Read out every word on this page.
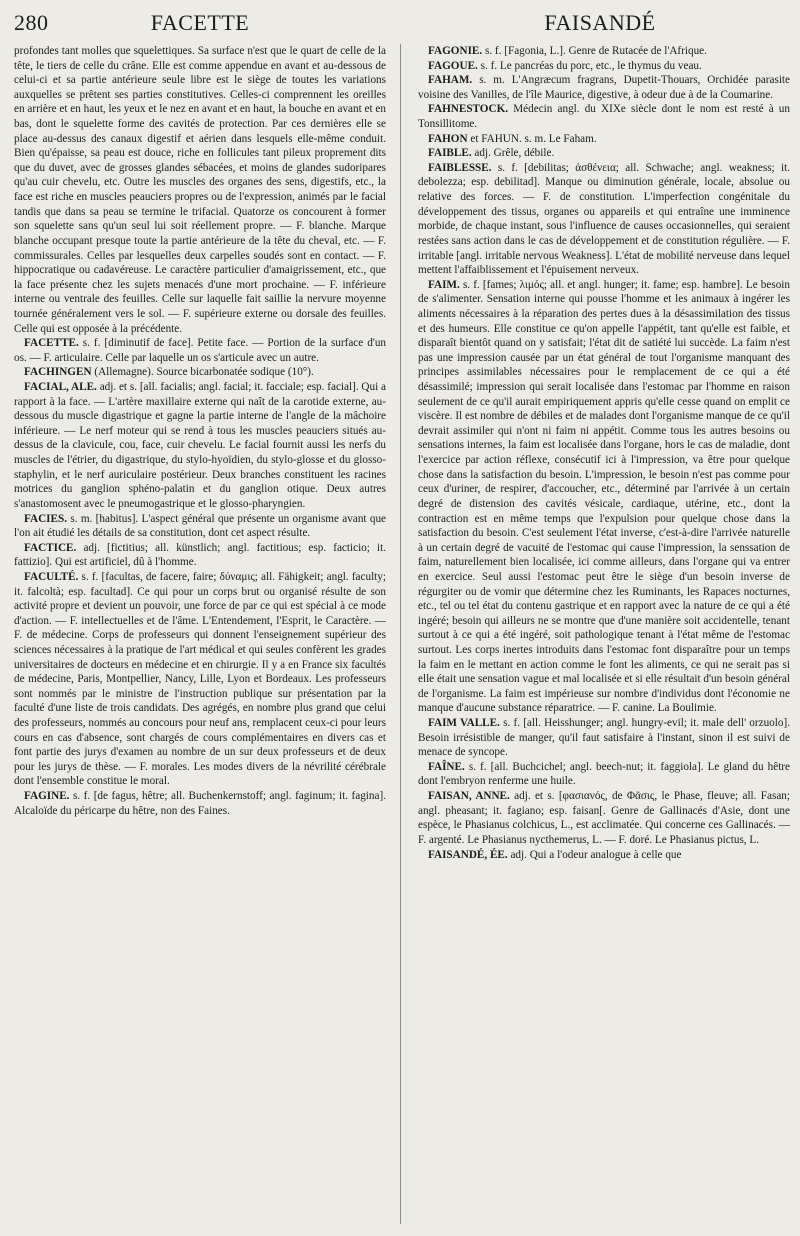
280	FACETTE	FAISANDÉ

profondes tant molles que squelettiques. Sa surface n'est que le quart de celle de la tête, le tiers de celle du crâne. Elle est comme appendue en avant et au-dessous de celui-ci et sa partie antérieure seule libre est le siège de toutes les variations auxquelles se prêtent ses parties constitutives. Celles-ci comprennent les oreilles en arrière et en haut, les yeux et le nez en avant et en haut, la bouche en avant et en bas, dont le squelette forme des cavités de protection. Par ces dernières elle se place au-dessus des canaux digestif et aérien dans lesquels elle-même conduit. Bien qu'épaisse, sa peau est douce, riche en follicules tant pileux proprement dits que du duvet, avec de grosses glandes sébacées, et moins de glandes sudoripares qu'au cuir chevelu, etc. Outre les muscles des organes des sens, digestifs, etc., la face est riche en muscles peauciers propres ou de l'expression, animés par le facial tandis que dans sa peau se termine le trifacial. Quatorze os concourent à former son squelette sans qu'un seul lui soit réellement propre. — F. blanche. Marque blanche occupant presque toute la partie antérieure de la tête du cheval, etc. — F. commissurales. Celles par lesquelles deux carpelles soudés sont en contact. — F. hippocratique ou cadavéreuse. Le caractère particulier d'amaigrissement, etc., que la face présente chez les sujets menacés d'une mort prochaine. — F. inférieure interne ou ventrale des feuilles. Celle sur laquelle fait saillie la nervure moyenne tournée généralement vers le sol. — F. supérieure externe ou dorsale des feuilles. Celle qui est opposée à la précédente.

FACETTE. s. f. [diminutif de face]. Petite face. — Portion de la surface d'un os. — F. articulaire. Celle par laquelle un os s'articule avec un autre.

FACHINGEN (Allemagne). Source bicarbonatée sodique (10°).

FACIAL, ALE. adj. et s. [all. facialis; angl. facial; it. facciale; esp. facial]. Qui a rapport à la face. — L'artère maxillaire externe qui naît de la carotide externe, au-dessous du muscle digastrique et gagne la partie interne de l'angle de la mâchoire inférieure. — Le nerf moteur qui se rend à tous les muscles peauciers situés au-dessus de la clavicule, cou, face, cuir chevelu. Le facial fournit aussi les nerfs du muscles de l'étrier, du digastrique, du stylo-hyoïdien, du stylo-glosse et du glosso-staphylin, et le nerf auriculaire postérieur. Deux branches constituent les racines motrices du ganglion sphéno-palatin et du ganglion otique. Deux autres s'anastomosent avec le pneumogastrique et le glosso-pharyngien.

FACIES. s. m. [habitus]. L'aspect général que présente un organisme avant que l'on ait étudié les détails de sa constitution, dont cet aspect résulte.

FACTICE. adj. [fictitius; all. künstlich; angl. factitious; esp. facticio; it. fattizio]. Qui est artificiel, dû à l'homme.

FACULTÉ. s. f. [facultas, de facere, faire; δύναμις; all. Fähigkeit; angl. faculty; it. falcoltà; esp. facultad]. Ce qui pour un corps brut ou organisé résulte de son activité propre et devient un pouvoir, une force de par ce qui est spécial à ce mode d'action. — F. intellectuelles et de l'âme. L'Entendement, l'Esprit, le Caractère. — F. de médecine. Corps de professeurs qui donnent l'enseignement supérieur des sciences nécessaires à la pratique de l'art médical et qui seules confèrent les grades universitaires de docteurs en médecine et en chirurgie. Il y a en France six facultés de médecine, Paris, Montpellier, Nancy, Lille, Lyon et Bordeaux. Les professeurs sont nommés par le ministre de l'instruction publique sur présentation par la faculté d'une liste de trois candidats. Des agrégés, en nombre plus grand que celui des professeurs, nommés au concours pour neuf ans, remplacent ceux-ci pour leurs cours en cas d'absence, sont chargés de cours complémentaires en divers cas et font partie des jurys d'examen au nombre de un sur deux professeurs et de deux pour les jurys de thèse. — F. morales. Les modes divers de la névrilité cérébrale dont l'ensemble constitue le moral.

FAGINE. s. f. [de fagus, hêtre; all. Buchenkernstoff; angl. faginum; it. fagina]. Alcaloïde du péricarpe du hêtre, non des Faines.

FAGONIE. s. f. [Fagonia, L.]. Genre de Rutacée de l'Afrique.

FAGOUE. s. f. Le pancréas du porc, etc., le thymus du veau.

FAHAM. s. m. L'Angræcum fragrans, Dupetit-Thouars, Orchidée parasite voisine des Vanilles, de l'île Maurice, digestive, à odeur due à de la Coumarine.

FAHNESTOCK. Médecin angl. du XIXe siècle dont le nom est resté à un Tonsillitome.

FAHON et FAHUN. s. m. Le Faham.

FAIBLE. adj. Grêle, débile.

FAIBLESSE. s. f. [debilitas; ἀσθένεια; all. Schwache; angl. weakness; it. debolezza; esp. debilitad]. Manque ou diminution générale, locale, absolue ou relative des forces. — F. de constitution. L'imperfection congénitale du développement des tissus, organes ou appareils et qui entraîne une imminence morbide, de chaque instant, sous l'influence de causes occasionnelles, qui seraient restées sans action dans le cas de développement et de constitution régulière. — F. irritable [angl. irritable nervous Weakness]. L'état de mobilité nerveuse dans lequel mettent l'affaiblissement et l'épuisement nerveux.

FAIM. s. f. [fames; λιμός; all. et angl. hunger; it. fame; esp. hambre]. Le besoin de s'alimenter. Sensation interne qui pousse l'homme et les animaux à ingérer les aliments nécessaires à la réparation des pertes dues à la désassimilation des tissus et des humeurs. Elle constitue ce qu'on appelle l'appétit, tant qu'elle est faible, et disparaît bientôt quand on y satisfait; l'état dit de satiété lui succède. La faim n'est pas une impression causée par un état général de tout l'organisme manquant des principes assimilables nécessaires pour le remplacement de ce qui a été désassimilé; impression qui serait localisée dans l'estomac par l'homme en raison seulement de ce qu'il aurait empiriquement appris qu'elle cesse quand on emplit ce viscère. Il est nombre de débiles et de malades dont l'organisme manque de ce qu'il devrait assimiler qui n'ont ni faim ni appétit. Comme tous les autres besoins ou sensations internes, la faim est localisée dans l'organe, hors le cas de maladie, dont l'exercice par action réflexe, consécutif ici à l'impression, va être pour quelque chose dans la satisfaction du besoin. L'impression, le besoin n'est pas comme pour ceux d'uriner, de respirer, d'accoucher, etc., déterminé par l'arrivée à un certain degré de distension des cavités vésicale, cardiaque, utérine, etc., dont la contraction est en même temps que l'expulsion pour quelque chose dans la satisfaction du besoin. C'est seulement l'état inverse, c'est-à-dire l'arrivée naturelle à un certain degré de vacuité de l'estomac qui cause l'impression, la senssation de faim, naturellement bien localisée, ici comme ailleurs, dans l'organe qui va entrer en exercice. Seul aussi l'estomac peut être le siège d'un besoin inverse de régurgiter ou de vomir que détermine chez les Ruminants, les Rapaces nocturnes, etc., tel ou tel état du contenu gastrique et en rapport avec la nature de ce qui a été ingéré; besoin qui ailleurs ne se montre que d'une manière soit accidentelle, tenant surtout à ce qui a été ingéré, soit pathologique tenant à l'état même de l'estomac surtout. Les corps inertes introduits dans l'estomac font disparaître pour un temps la faim en le mettant en action comme le font les aliments, ce qui ne serait pas si elle était une sensation vague et mal localisée et si elle résultait d'un besoin général de l'organisme. La faim est impérieuse sur nombre d'individus dont l'économie ne manque d'aucune substance réparatrice. — F. canine. La Boulimie.

FAIM VALLE. s. f. [all. Heisshunger; angl. hungry-evil; it. male dell' orzuolo]. Besoin irrésistible de manger, qu'il faut satisfaire à l'instant, sinon il est suivi de menace de syncope.

FAÎNE. s. f. [all. Buchcichel; angl. beech-nut; it. faggiola]. Le gland du hêtre dont l'embryon renferme une huile.

FAISAN, ANNE. adj. et s. [φασιανός, de Φᾶσις, le Phase, fleuve; all. Fasan; angl. pheasant; it. fagiano; esp. faisan[. Genre de Gallinacés d'Asie, dont une espèce, le Phasianus colchicus, L., est acclimatée. Qui concerne ces Gallinacés. — F. argenté. Le Phasianus nycthemerus, L. — F. doré. Le Phasianus pictus, L.

FAISANDÉ, ÉE. adj. Qui a l'odeur analogue à celle que
